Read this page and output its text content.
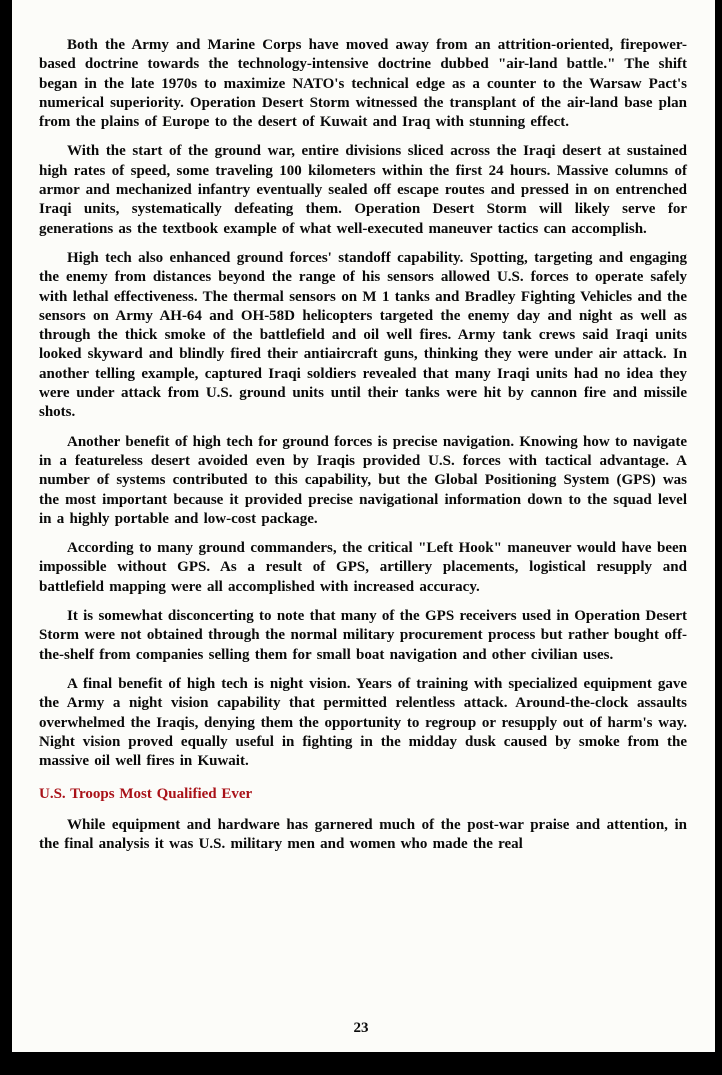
Both the Army and Marine Corps have moved away from an attrition-oriented, firepower-based doctrine towards the technology-intensive doctrine dubbed "air-land battle." The shift began in the late 1970s to maximize NATO's technical edge as a counter to the Warsaw Pact's numerical superiority. Operation Desert Storm witnessed the transplant of the air-land base plan from the plains of Europe to the desert of Kuwait and Iraq with stunning effect.

With the start of the ground war, entire divisions sliced across the Iraqi desert at sustained high rates of speed, some traveling 100 kilometers within the first 24 hours. Massive columns of armor and mechanized infantry eventually sealed off escape routes and pressed in on entrenched Iraqi units, systematically defeating them. Operation Desert Storm will likely serve for generations as the textbook example of what well-executed maneuver tactics can accomplish.

High tech also enhanced ground forces' standoff capability. Spotting, targeting and engaging the enemy from distances beyond the range of his sensors allowed U.S. forces to operate safely with lethal effectiveness. The thermal sensors on M 1 tanks and Bradley Fighting Vehicles and the sensors on Army AH-64 and OH-58D helicopters targeted the enemy day and night as well as through the thick smoke of the battlefield and oil well fires. Army tank crews said Iraqi units looked skyward and blindly fired their antiaircraft guns, thinking they were under air attack. In another telling example, captured Iraqi soldiers revealed that many Iraqi units had no idea they were under attack from U.S. ground units until their tanks were hit by cannon fire and missile shots.

Another benefit of high tech for ground forces is precise navigation. Knowing how to navigate in a featureless desert avoided even by Iraqis provided U.S. forces with tactical advantage. A number of systems contributed to this capability, but the Global Positioning System (GPS) was the most important because it provided precise navigational information down to the squad level in a highly portable and low-cost package.

According to many ground commanders, the critical "Left Hook" maneuver would have been impossible without GPS. As a result of GPS, artillery placements, logistical resupply and battlefield mapping were all accomplished with increased accuracy.

It is somewhat disconcerting to note that many of the GPS receivers used in Operation Desert Storm were not obtained through the normal military procurement process but rather bought off-the-shelf from companies selling them for small boat navigation and other civilian uses.

A final benefit of high tech is night vision. Years of training with specialized equipment gave the Army a night vision capability that permitted relentless attack. Around-the-clock assaults overwhelmed the Iraqis, denying them the opportunity to regroup or resupply out of harm's way. Night vision proved equally useful in fighting in the midday dusk caused by smoke from the massive oil well fires in Kuwait.

U.S. Troops Most Qualified Ever

While equipment and hardware has garnered much of the post-war praise and attention, in the final analysis it was U.S. military men and women who made the real

23
